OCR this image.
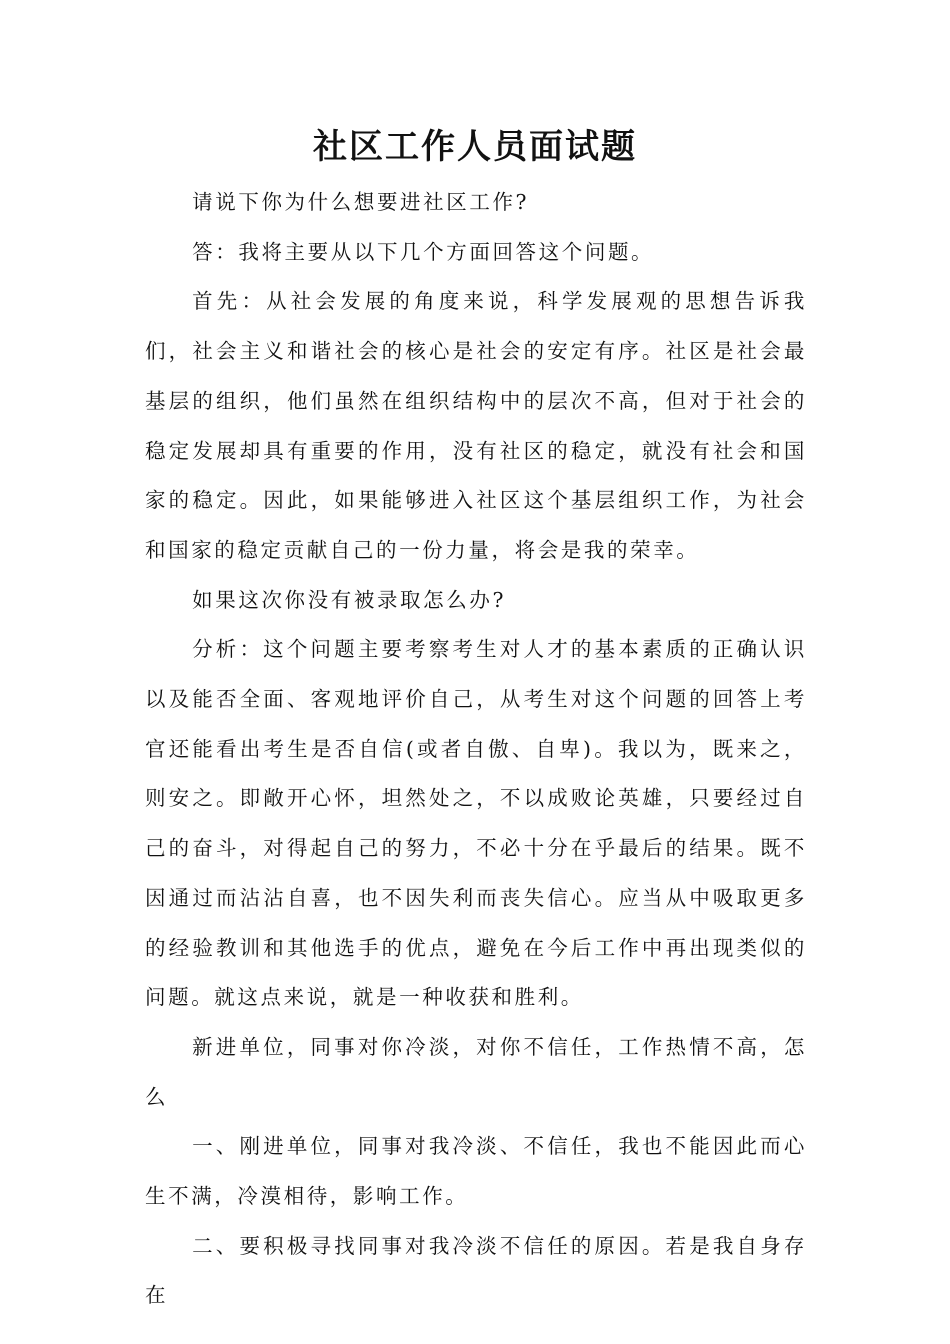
社区工作人员面试题

请说下你为什么想要进社区工作?

答：我将主要从以下几个方面回答这个问题。

首先：从社会发展的角度来说，科学发展观的思想告诉我们，社会主义和谐社会的核心是社会的安定有序。社区是社会最基层的组织，他们虽然在组织结构中的层次不高，但对于社会的稳定发展却具有重要的作用，没有社区的稳定，就没有社会和国家的稳定。因此，如果能够进入社区这个基层组织工作，为社会和国家的稳定贡献自己的一份力量，将会是我的荣幸。

如果这次你没有被录取怎么办?

分析：这个问题主要考察考生对人才的基本素质的正确认识以及能否全面、客观地评价自己，从考生对这个问题的回答上考官还能看出考生是否自信(或者自傲、自卑)。我以为，既来之，则安之。即敞开心怀，坦然处之，不以成败论英雄，只要经过自己的奋斗，对得起自己的努力，不必十分在乎最后的结果。既不因通过而沾沾自喜，也不因失利而丧失信心。应当从中吸取更多的经验教训和其他选手的优点，避免在今后工作中再出现类似的问题。就这点来说，就是一种收获和胜利。

新进单位，同事对你冷淡，对你不信任，工作热情不高，怎么

一、刚进单位，同事对我冷淡、不信任，我也不能因此而心生不满，冷漠相待，影响工作。

二、要积极寻找同事对我冷淡不信任的原因。若是我自身存在
